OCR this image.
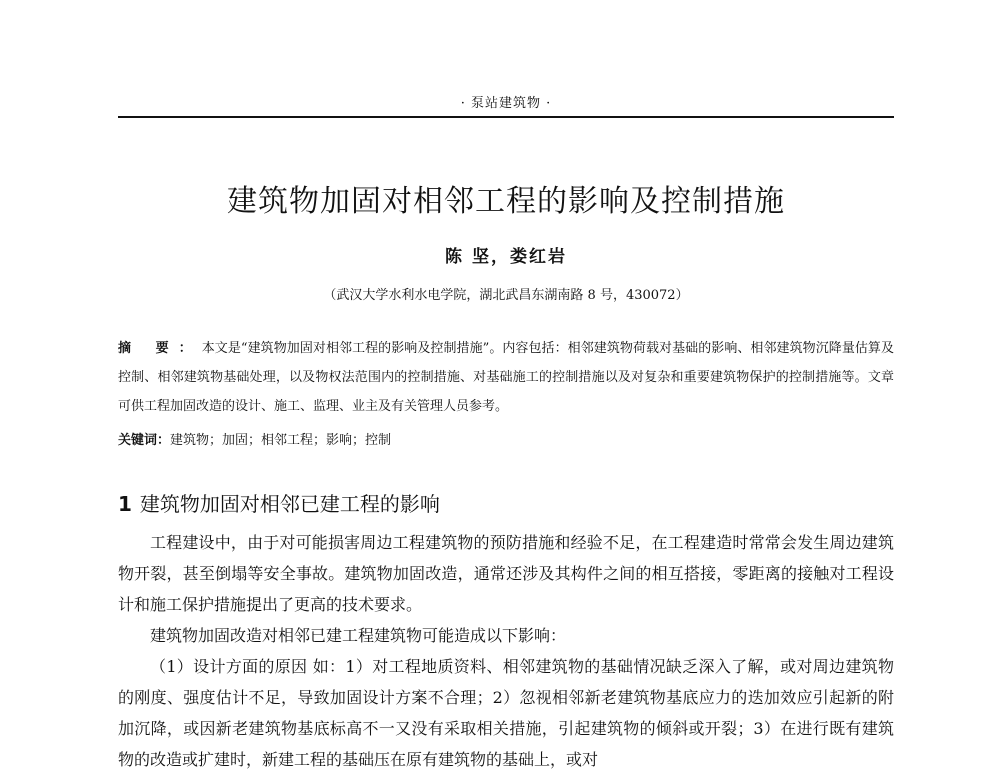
· 泵站建筑物 ·
建筑物加固对相邻工程的影响及控制措施
陈 坚，娄红岩
（武汉大学水利水电学院，湖北武昌东湖南路 8 号，430072）
摘 要：本文是“建筑物加固对相邻工程的影响及控制措施”。内容包括：相邻建筑物荷载对基础的影响、相邻建筑物沉降量估算及控制、相邻建筑物基础处理，以及物权法范围内的控制措施、对基础施工的控制措施以及对复杂和重要建筑物保护的控制措施等。文章可供工程加固改造的设计、施工、监理、业主及有关管理人员参考。
关键词：建筑物；加固；相邻工程；影响；控制
1 建筑物加固对相邻已建工程的影响

工程建设中，由于对可能损害周边工程建筑物的预防措施和经验不足，在工程建造时常常会发生周边建筑物开裂，甚至倒塌等安全事故。建筑物加固改造，通常还涉及其构件之间的相互搭接，零距离的接触对工程设计和施工保护措施提出了更高的技术要求。

建筑物加固改造对相邻已建工程建筑物可能造成以下影响：

（1）设计方面的原因 如：1）对工程地质资料、相邻建筑物的基础情况缺乏深入了解，或对周边建筑物的刚度、强度估计不足，导致加固设计方案不合理；2）忽视相邻新老建筑物基底应力的迭加效应引起新的附加沉降，或因新老建筑物基底标高不一又没有采取相关措施，引起建筑物的倾斜或开裂；3）在进行既有建筑物的改造或扩建时，新建工程的基础压在原有建筑物的基础上，或对
